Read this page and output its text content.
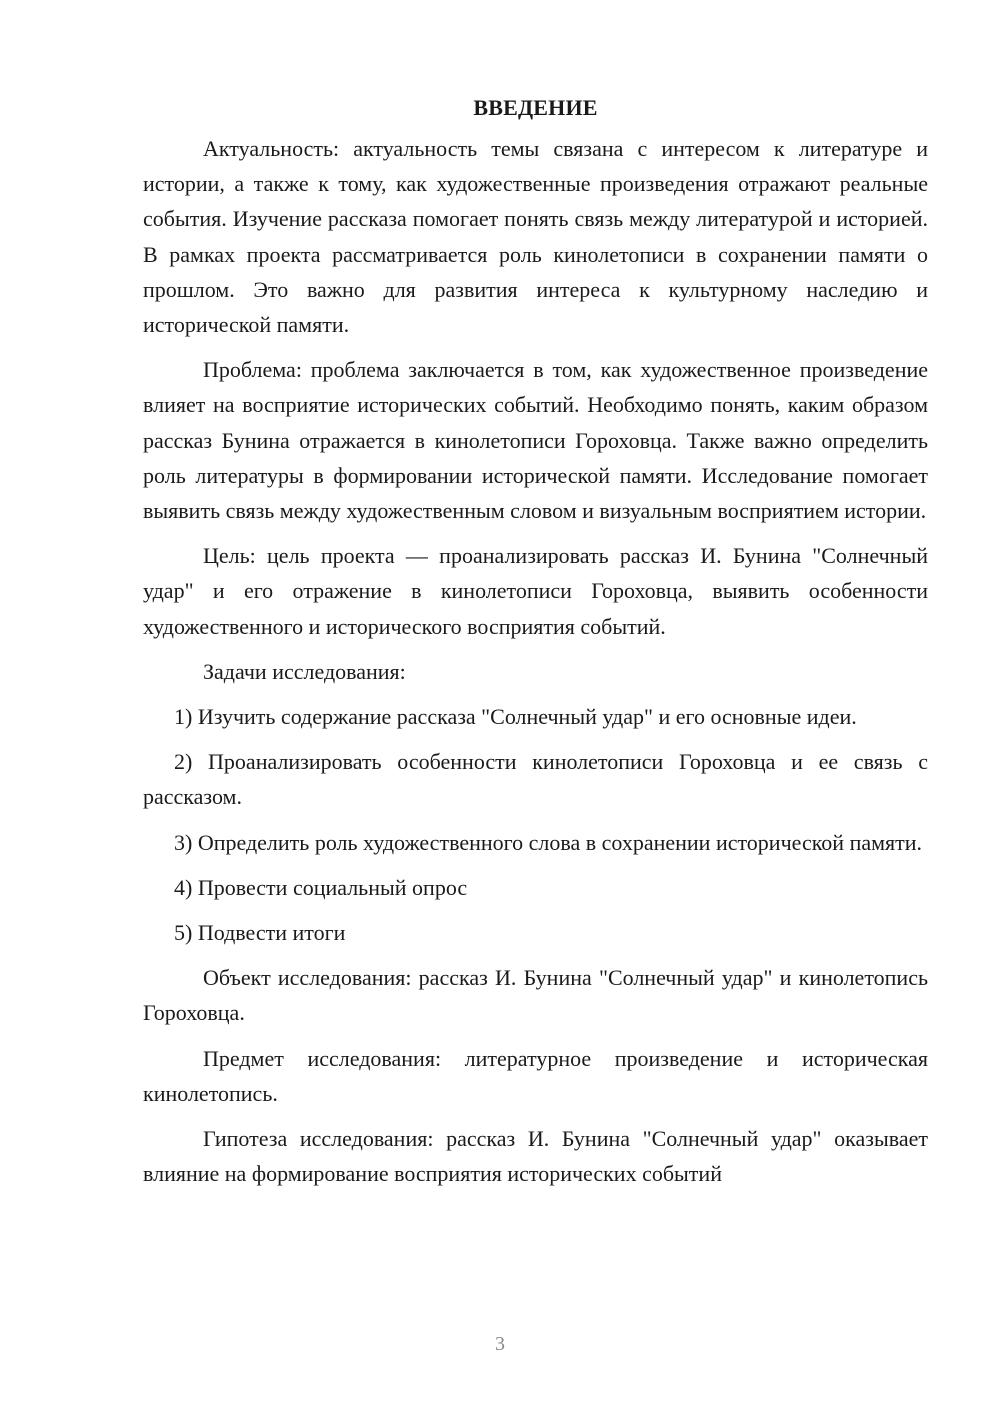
ВВЕДЕНИЕ

Актуальность: актуальность темы связана с интересом к литературе и истории, а также к тому, как художественные произведения отражают реальные события. Изучение рассказа помогает понять связь между литературой и историей. В рамках проекта рассматривается роль кинолетописи в сохранении памяти о прошлом. Это важно для развития интереса к культурному наследию и исторической памяти.

Проблема: проблема заключается в том, как художественное произведение влияет на восприятие исторических событий. Необходимо понять, каким образом рассказ Бунина отражается в кинолетописи Гороховца. Также важно определить роль литературы в формировании исторической памяти. Исследование помогает выявить связь между художественным словом и визуальным восприятием истории.

Цель: цель проекта — проанализировать рассказ И. Бунина "Солнечный удар" и его отражение в кинолетописи Гороховца, выявить особенности художественного и исторического восприятия событий.

Задачи исследования:

1) Изучить содержание рассказа "Солнечный удар" и его основные идеи.

2) Проанализировать особенности кинолетописи Гороховца и ее связь с рассказом.

3) Определить роль художественного слова в сохранении исторической памяти.

4) Провести социальный опрос

5) Подвести итоги

Объект исследования: рассказ И. Бунина "Солнечный удар" и кинолетопись Гороховца.

Предмет исследования: литературное произведение и историческая кинолетопись.

Гипотеза исследования: рассказ И. Бунина "Солнечный удар" оказывает влияние на формирование восприятия исторических событий

3
